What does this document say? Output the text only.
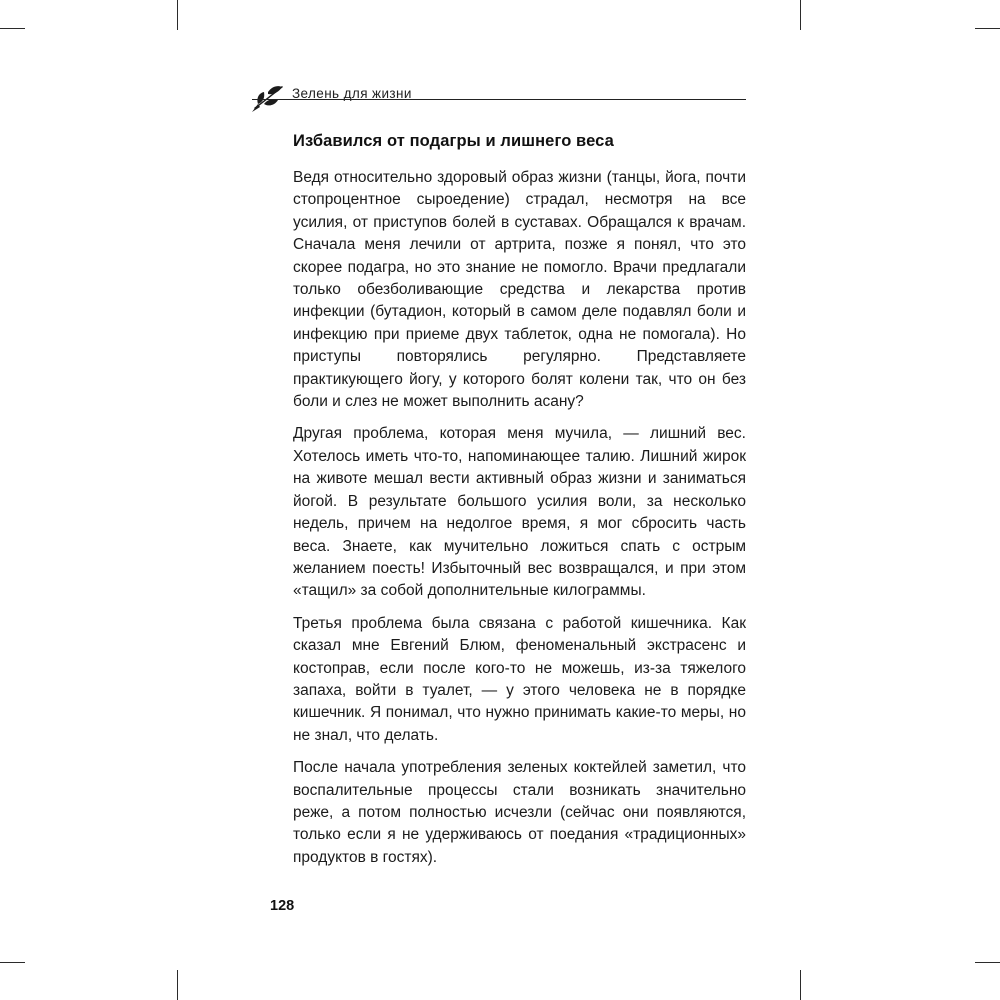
Зелень для жизни
Избавился от подагры и лишнего веса

Ведя относительно здоровый образ жизни (танцы, йога, почти стопроцентное сыроедение) страдал, несмотря на все усилия, от приступов болей в суставах. Обращался к врачам. Сначала меня лечили от артрита, позже я понял, что это скорее подагра, но это знание не помогло. Врачи предлагали только обезболивающие средства и лекарства против инфекции (бутадион, который в самом деле подавлял боли и инфекцию при приеме двух таблеток, одна не помогала). Но приступы повторялись регулярно. Представляете практикующего йогу, у которого болят колени так, что он без боли и слез не может выполнить асану?

Другая проблема, которая меня мучила, — лишний вес. Хотелось иметь что-то, напоминающее талию. Лишний жирок на животе мешал вести активный образ жизни и заниматься йогой. В результате большого усилия воли, за несколько недель, причем на недолгое время, я мог сбросить часть веса. Знаете, как мучительно ложиться спать с острым желанием поесть! Избыточный вес возвращался, и при этом «тащил» за собой дополнительные килограммы.

Третья проблема была связана с работой кишечника. Как сказал мне Евгений Блюм, феноменальный экстрасенс и костоправ, если после кого-то не можешь, из-за тяжелого запаха, войти в туалет, — у этого человека не в порядке кишечник. Я понимал, что нужно принимать какие-то меры, но не знал, что делать.

После начала употребления зеленых коктейлей заметил, что воспалительные процессы стали возникать значительно реже, а потом полностью исчезли (сейчас они появляются, только если я не удерживаюсь от поедания «традиционных» продуктов в гостях).

128
